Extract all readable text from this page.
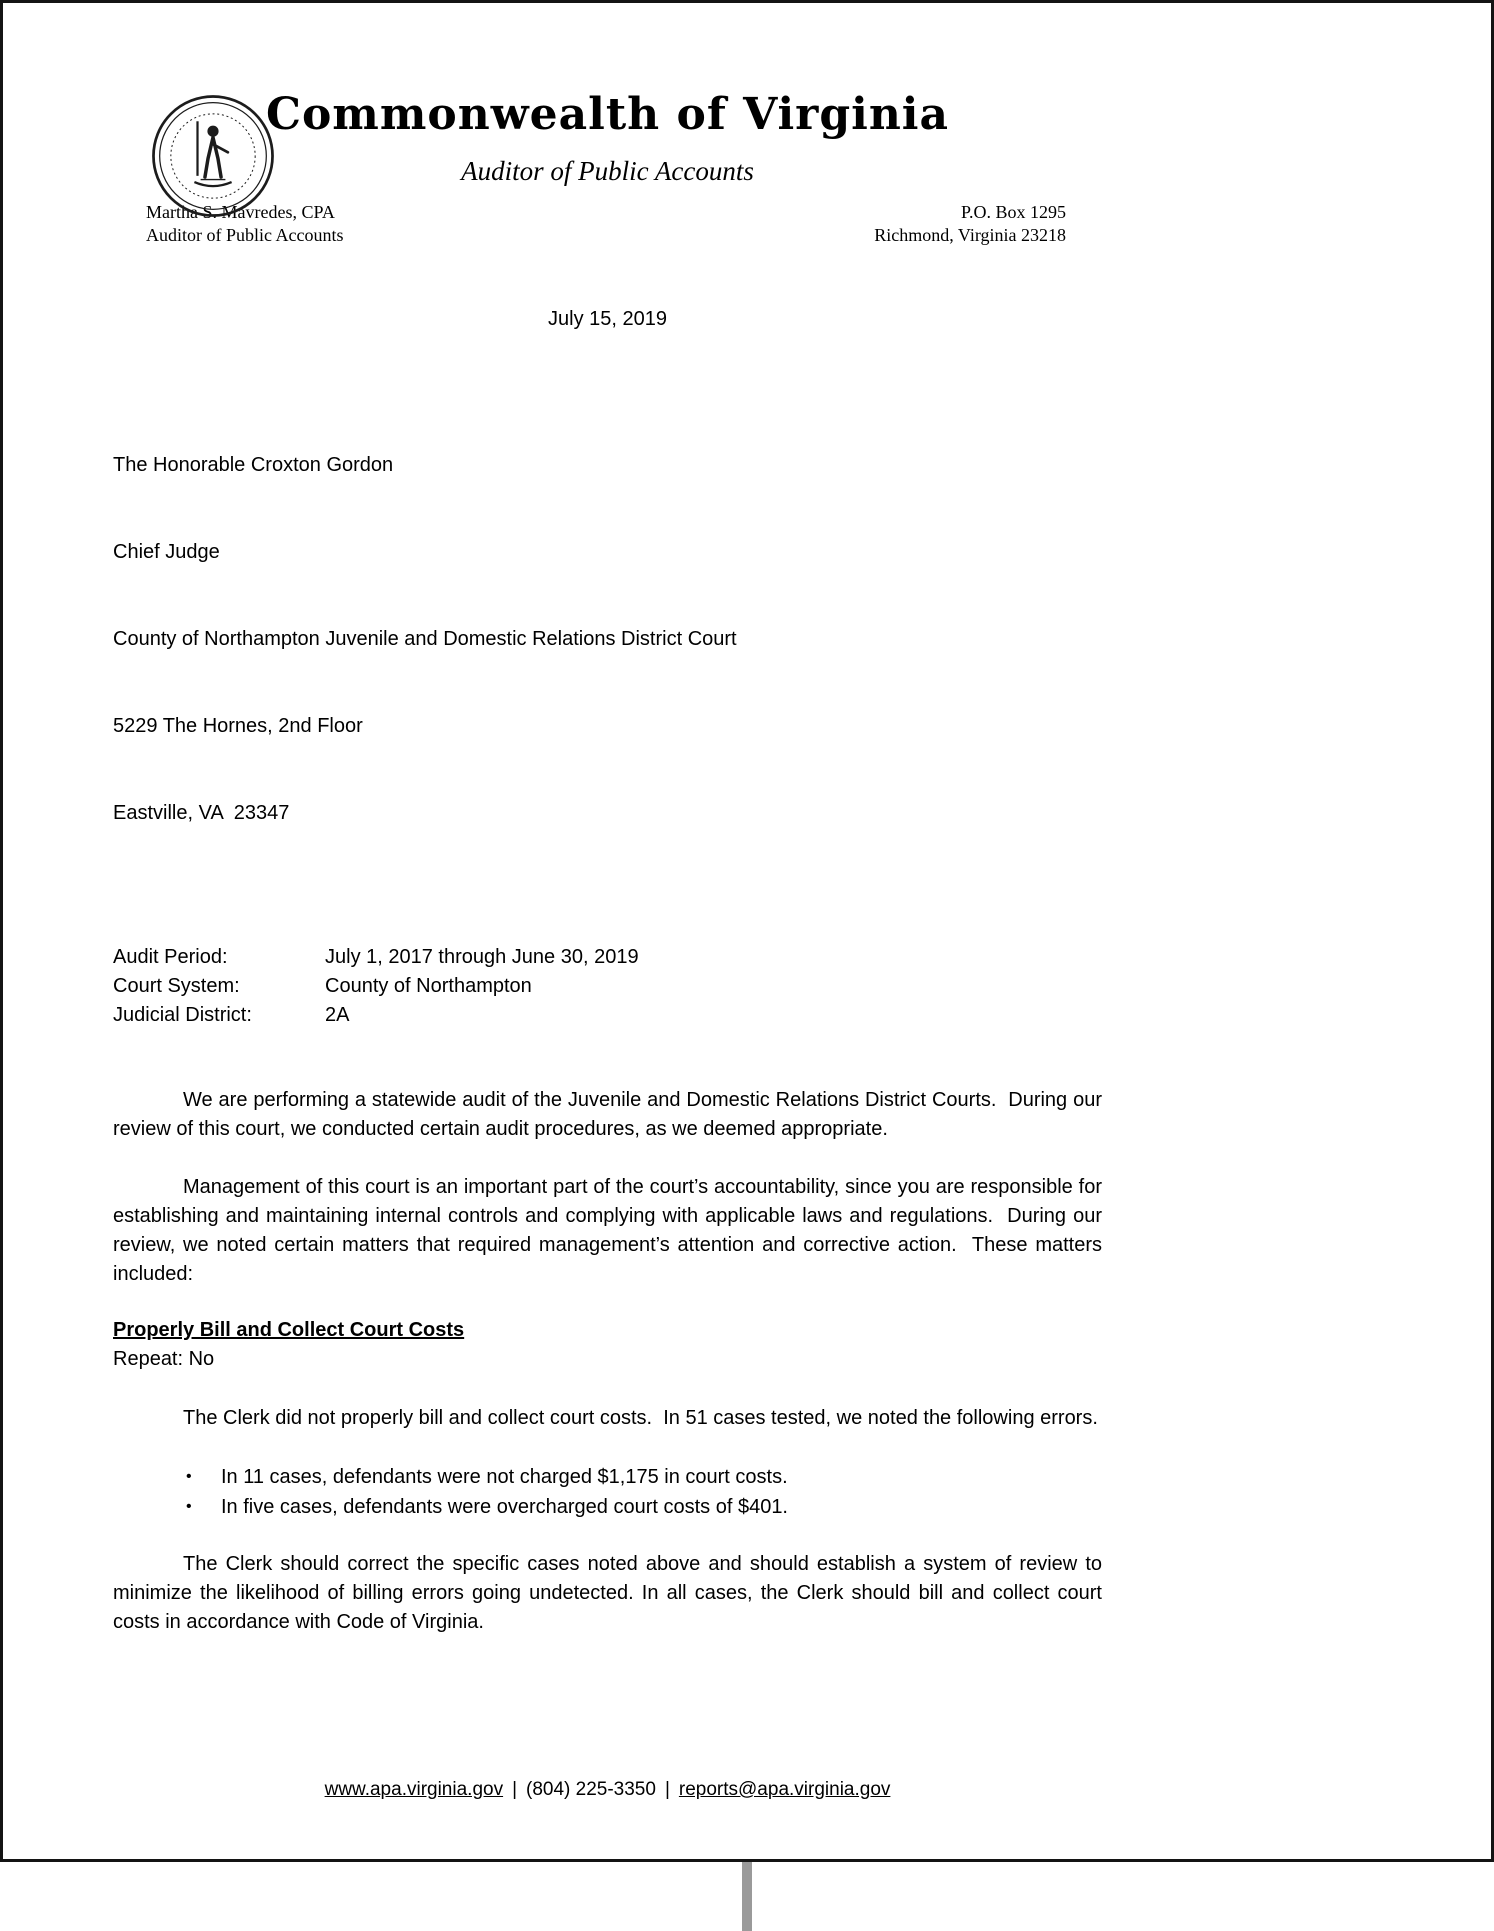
Commonwealth of Virginia
Auditor of Public Accounts
Martha S. Mavredes, CPA
Auditor of Public Accounts
P.O. Box 1295
Richmond, Virginia 23218
July 15, 2019

The Honorable Croxton Gordon

Chief Judge

County of Northampton Juvenile and Domestic Relations District Court

5229 The Hornes, 2nd Floor

Eastville, VA  23347

Audit Period:	July 1, 2017 through June 30, 2019
Court System:	County of Northampton
Judicial District:	2A
We are performing a statewide audit of the Juvenile and Domestic Relations District Courts.  During our review of this court, we conducted certain audit procedures, as we deemed appropriate.
Management of this court is an important part of the court’s accountability, since you are responsible for establishing and maintaining internal controls and complying with applicable laws and regulations.  During our review, we noted certain matters that required management’s attention and corrective action.  These matters included:
Properly Bill and Collect Court Costs
Repeat: No
The Clerk did not properly bill and collect court costs.  In 51 cases tested, we noted the following errors.
•	In 11 cases, defendants were not charged $1,175 in court costs.
•	In five cases, defendants were overcharged court costs of $401.
The Clerk should correct the specific cases noted above and should establish a system of review to minimize the likelihood of billing errors going undetected. In all cases, the Clerk should bill and collect court costs in accordance with Code of Virginia.
www.apa.virginia.gov | (804) 225-3350 | reports@apa.virginia.gov
